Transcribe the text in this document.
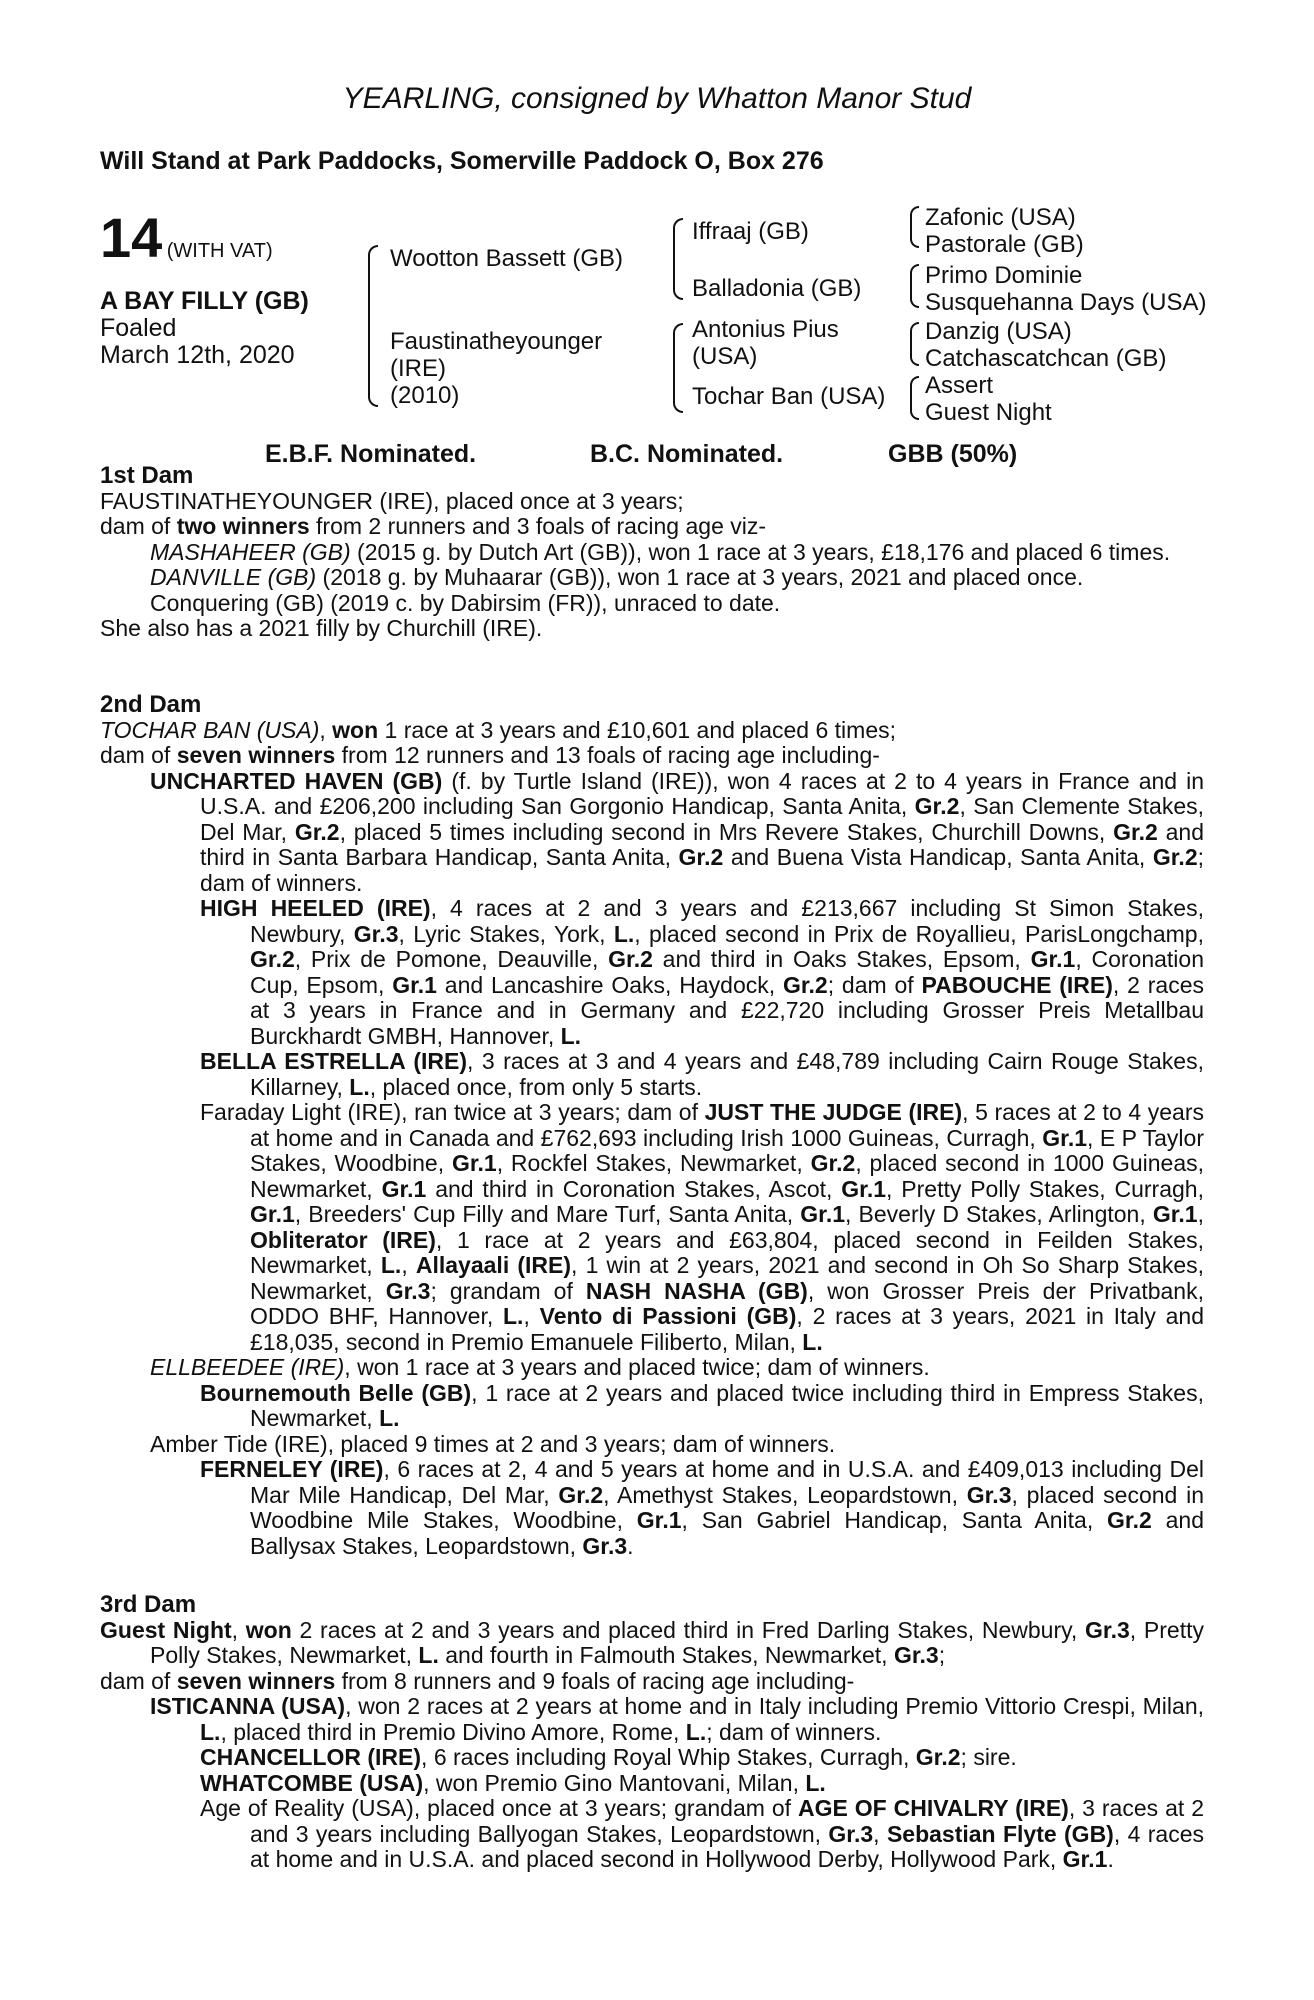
YEARLING, consigned by Whatton Manor Stud
Will Stand at Park Paddocks, Somerville Paddock O, Box 276
14 (WITH VAT)
A BAY FILLY (GB)
Foaled
March 12th, 2020
Wootton Bassett (GB)
Faustinatheyounger
(IRE)
(2010)
Iffraaj (GB)
Balladonia (GB)
Antonius Pius
(USA)
Tochar Ban (USA)
Zafonic (USA)
Pastorale (GB)
Primo Dominie
Susquehanna Days (USA)
Danzig (USA)
Catchascatchcan (GB)
Assert
Guest Night
E.B.F. Nominated.	B.C. Nominated.	GBB (50%)

1st Dam

FAUSTINATHEYOUNGER (IRE), placed once at 3 years;

dam of two winners from 2 runners and 3 foals of racing age viz-

MASHAHEER (GB) (2015 g. by Dutch Art (GB)), won 1 race at 3 years, £18,176 and placed 6 times.

DANVILLE (GB) (2018 g. by Muhaarar (GB)), won 1 race at 3 years, 2021 and placed once.

Conquering (GB) (2019 c. by Dabirsim (FR)), unraced to date.

She also has a 2021 filly by Churchill (IRE).

2nd Dam

TOCHAR BAN (USA), won 1 race at 3 years and £10,601 and placed 6 times;

dam of seven winners from 12 runners and 13 foals of racing age including-

UNCHARTED HAVEN (GB) (f. by Turtle Island (IRE)), won 4 races at 2 to 4 years in France and in U.S.A. and £206,200 including San Gorgonio Handicap, Santa Anita, Gr.2, San Clemente Stakes, Del Mar, Gr.2, placed 5 times including second in Mrs Revere Stakes, Churchill Downs, Gr.2 and third in Santa Barbara Handicap, Santa Anita, Gr.2 and Buena Vista Handicap, Santa Anita, Gr.2; dam of winners.

HIGH HEELED (IRE), 4 races at 2 and 3 years and £213,667 including St Simon Stakes, Newbury, Gr.3, Lyric Stakes, York, L., placed second in Prix de Royallieu, ParisLongchamp, Gr.2, Prix de Pomone, Deauville, Gr.2 and third in Oaks Stakes, Epsom, Gr.1, Coronation Cup, Epsom, Gr.1 and Lancashire Oaks, Haydock, Gr.2; dam of PABOUCHE (IRE), 2 races at 3 years in France and in Germany and £22,720 including Grosser Preis Metallbau Burckhardt GMBH, Hannover, L.

BELLA ESTRELLA (IRE), 3 races at 3 and 4 years and £48,789 including Cairn Rouge Stakes, Killarney, L., placed once, from only 5 starts.

Faraday Light (IRE), ran twice at 3 years; dam of JUST THE JUDGE (IRE), 5 races at 2 to 4 years at home and in Canada and £762,693 including Irish 1000 Guineas, Curragh, Gr.1, E P Taylor Stakes, Woodbine, Gr.1, Rockfel Stakes, Newmarket, Gr.2, placed second in 1000 Guineas, Newmarket, Gr.1 and third in Coronation Stakes, Ascot, Gr.1, Pretty Polly Stakes, Curragh, Gr.1, Breeders' Cup Filly and Mare Turf, Santa Anita, Gr.1, Beverly D Stakes, Arlington, Gr.1, Obliterator (IRE), 1 race at 2 years and £63,804, placed second in Feilden Stakes, Newmarket, L., Allayaali (IRE), 1 win at 2 years, 2021 and second in Oh So Sharp Stakes, Newmarket, Gr.3; grandam of NASH NASHA (GB), won Grosser Preis der Privatbank, ODDO BHF, Hannover, L., Vento di Passioni (GB), 2 races at 3 years, 2021 in Italy and £18,035, second in Premio Emanuele Filiberto, Milan, L.

ELLBEEDEE (IRE), won 1 race at 3 years and placed twice; dam of winners.

Bournemouth Belle (GB), 1 race at 2 years and placed twice including third in Empress Stakes, Newmarket, L.

Amber Tide (IRE), placed 9 times at 2 and 3 years; dam of winners.

FERNELEY (IRE), 6 races at 2, 4 and 5 years at home and in U.S.A. and £409,013 including Del Mar Mile Handicap, Del Mar, Gr.2, Amethyst Stakes, Leopardstown, Gr.3, placed second in Woodbine Mile Stakes, Woodbine, Gr.1, San Gabriel Handicap, Santa Anita, Gr.2 and Ballysax Stakes, Leopardstown, Gr.3.

3rd Dam

Guest Night, won 2 races at 2 and 3 years and placed third in Fred Darling Stakes, Newbury, Gr.3, Pretty Polly Stakes, Newmarket, L. and fourth in Falmouth Stakes, Newmarket, Gr.3;

dam of seven winners from 8 runners and 9 foals of racing age including-

ISTICANNA (USA), won 2 races at 2 years at home and in Italy including Premio Vittorio Crespi, Milan, L., placed third in Premio Divino Amore, Rome, L.; dam of winners.

CHANCELLOR (IRE), 6 races including Royal Whip Stakes, Curragh, Gr.2; sire.

WHATCOMBE (USA), won Premio Gino Mantovani, Milan, L.

Age of Reality (USA), placed once at 3 years; grandam of AGE OF CHIVALRY (IRE), 3 races at 2 and 3 years including Ballyogan Stakes, Leopardstown, Gr.3, Sebastian Flyte (GB), 4 races at home and in U.S.A. and placed second in Hollywood Derby, Hollywood Park, Gr.1.
